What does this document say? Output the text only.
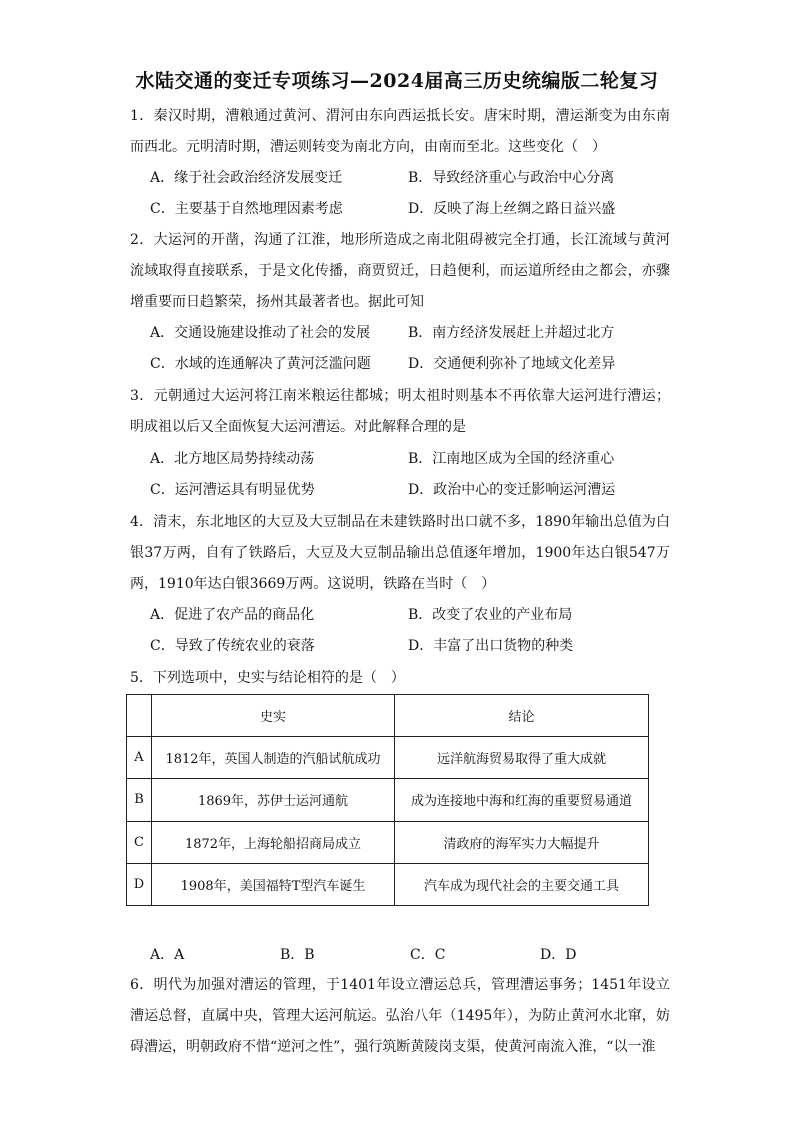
水陆交通的变迁专项练习—2024届高三历史统编版二轮复习
1．秦汉时期，漕粮通过黄河、渭河由东向西运抵长安。唐宋时期，漕运渐变为由东南而西北。元明清时期，漕运则转变为南北方向，由南而至北。这些变化（　）
A．缘于社会政治经济发展变迁	B．导致经济重心与政治中心分离
C．主要基于自然地理因素考虑	D．反映了海上丝绸之路日益兴盛
2．大运河的开凿，沟通了江淮，地形所造成之南北阻碍被完全打通，长江流域与黄河流域取得直接联系，于是文化传播，商贾贸迁，日趋便利，而运道所经由之都会，亦骤增重要而日趋繁荣，扬州其最著者也。据此可知
A．交通设施建设推动了社会的发展	B．南方经济发展赶上并超过北方
C．水域的连通解决了黄河泛滥问题	D．交通便利弥补了地域文化差异
3．元朝通过大运河将江南米粮运往都城；明太祖时则基本不再依靠大运河进行漕运；明成祖以后又全面恢复大运河漕运。对此解释合理的是
A．北方地区局势持续动荡	B．江南地区成为全国的经济重心
C．运河漕运具有明显优势	D．政治中心的变迁影响运河漕运
4．清末，东北地区的大豆及大豆制品在未建铁路时出口就不多，1890年输出总值为白银37万两，自有了铁路后，大豆及大豆制品输出总值逐年增加，1900年达白银547万两，1910年达白银3669万两。这说明，铁路在当时（　）
A．促进了农产品的商品化	B．改变了农业的产业布局
C．导致了传统农业的衰落	D．丰富了出口货物的种类
5．下列选项中，史实与结论相符的是（　）
	史实	结论
A	1812年，英国人制造的汽船试航成功	远洋航海贸易取得了重大成就
B	1869年，苏伊士运河通航	成为连接地中海和红海的重要贸易通道
C	1872年，上海轮船招商局成立	清政府的海军实力大幅提升
D	1908年，美国福特T型汽车诞生	汽车成为现代社会的主要交通工具
A．A	B．B	C．C	D．D
6．明代为加强对漕运的管理，于1401年设立漕运总兵，管理漕运事务；1451年设立漕运总督，直属中央，管理大运河航运。弘治八年（1495年），为防止黄河水北窜，妨碍漕运，明朝政府不惜“逆河之性”，强行筑断黄陵岗支渠，使黄河南流入淮，“以一淮
